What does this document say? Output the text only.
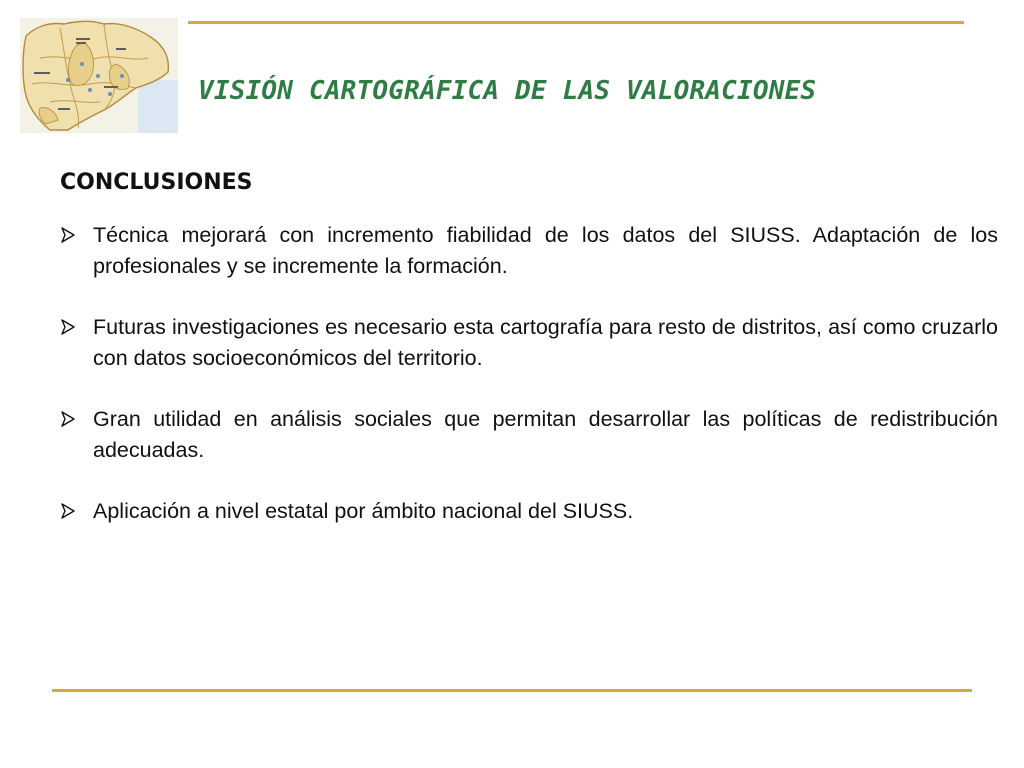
VISIÓN CARTOGRÁFICA DE LAS VALORACIONES
CONCLUSIONES
Técnica mejorará con incremento fiabilidad de los datos del SIUSS. Adaptación de los profesionales y se incremente la formación.
Futuras investigaciones es necesario esta cartografía para resto de distritos, así como cruzarlo con datos socioeconómicos del territorio.
Gran utilidad en análisis sociales que permitan desarrollar las políticas de redistribución adecuadas.
Aplicación a nivel estatal por ámbito nacional del SIUSS.
